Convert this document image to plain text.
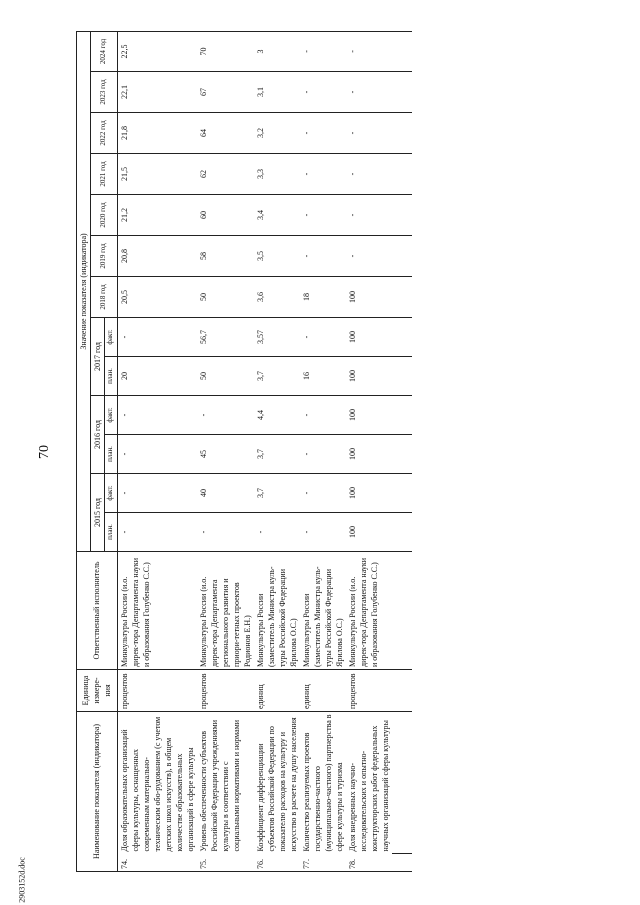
70
2903152d.doc
Наименование показателя (индикатора)		Единица измере-ния	Ответственный исполнитель	Значение показателя (индикатора)												
				2015 год		2016 год		2017 год		2018 год	2019 год	2020 год	2021 год	2022 год	2023 год	2024 год
				план.	факт.	план.	факт.	план.	факт.							
74.	Доля образовательных организаций сферы культуры, оснащенных современным материально-техническим обо-рудованием (с учетом детских школ искусств), в общем количестве образовательных организаций в сфере культуры	процентов	Минкультуры России (и.о. дирек-тора Департамента науки и образования Голубенко С.С.)	-	-	-	-	20	-	20,5	20,8	21,2	21,5	21,8	22,1	22,5
75.	Уровень обеспеченности субъектов Российской Федерации учреждениями культуры в соответствии с социальными нормативами и нормами	процентов	Минкультуры России (и.о. дирек-тора Департамента регионального развития и приори-тетных проектов Родионов Е.Н.)	-	40	45	-	50	56,7	50	58	60	62	64	67	70
76.	Коэффициент дифференциации субъектов Российской Федерации по показателю расходов на культуру и искусство в расчете на душу населения	единиц	Минкультуры России (заместитель Министра куль-туры Российской Федерации Ярилова О.С.)	-	3,7	3,7	4,4	3,7	3,57	3,6	3,5	3,4	3,3	3,2	3,1	3
77.	Количество реализуемых проектов государственно-частного (муниципально-частного) партнерства в сфере культуры и туризма	единиц	Минкультуры России (заместитель Министра куль-туры Российской Федерации Ярилова О.С.)	-	-	-	-	16	-	18	-	-	-	-	-	-
78.	Доля внедренных научно-исследовательских и опытно-конструкторских работ федеральных научных организаций сферы культуры	процентов	Минкультуры России (и.о. дирек-тора Департамента науки и образования Голубенко С.С.)	100	100	100	100	100	100	100	-	-	-	-	-	-
